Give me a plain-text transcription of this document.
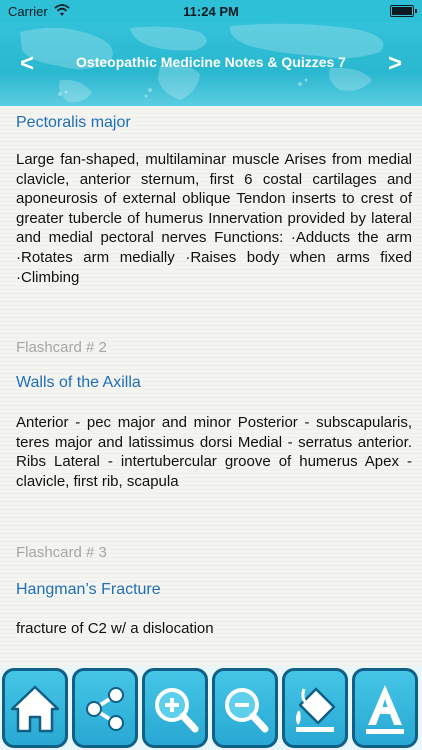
Carrier	11:24 PM
<	Osteopathic Medicine Notes & Quizzes 7	>
Pectoralis major
Large fan-shaped, multilaminar muscle Arises from medial clavicle, anterior sternum, first 6 costal cartilages and aponeurosis of external oblique Tendon inserts to crest of greater tubercle of humerus Innervation provided by lateral and medial pectoral nerves Functions: ·Adducts the arm ·Rotates arm medially ·Raises body when arms fixed ·Climbing
Flashcard # 2
Walls of the Axilla
Anterior - pec major and minor Posterior - subscapularis, teres major and latissimus dorsi Medial - serratus anterior. Ribs Lateral - intertubercular groove of humerus Apex - clavicle, first rib, scapula
Flashcard # 3
Hangman’s Fracture
fracture of C2 w/ a dislocation
